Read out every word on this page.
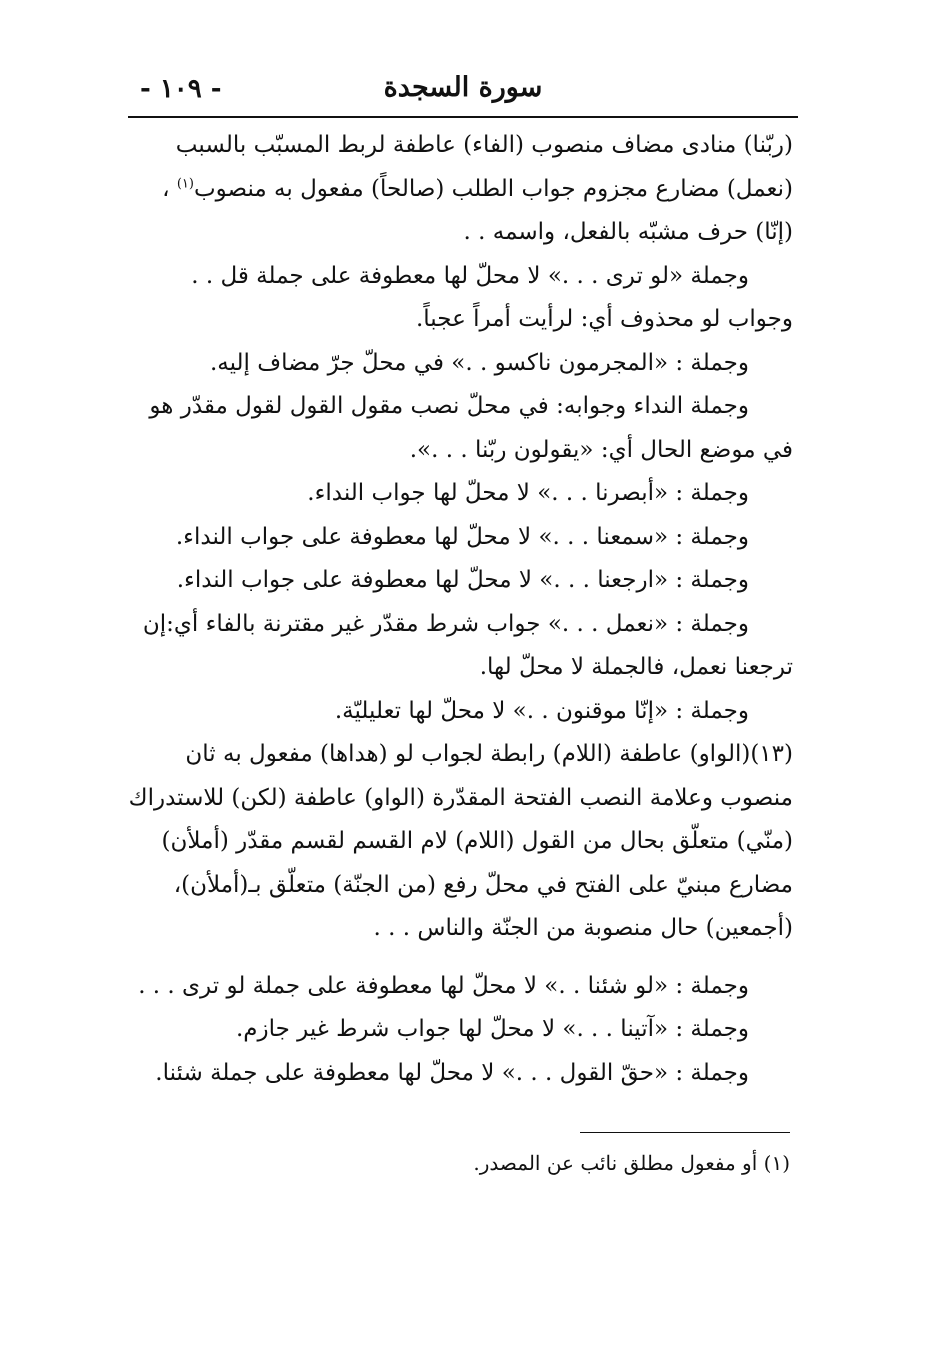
- ١٠٩ -	سورة السجدة
(ربّنا) منادى مضاف منصوب (الفاء) عاطفة لربط المسبّب بالسبب
(نعمل) مضارع مجزوم جواب الطلب (صالحاً) مفعول به منصوب$^{(١)}$ ،
(إنّا) حرف مشبّه بالفعل، واسمه . .
وجملة «لو ترى . . .» لا محلّ لها معطوفة على جملة قل . .
وجواب لو محذوف أي: لرأيت أمراً عجباً.
وجملة : «المجرمون ناكسو . .» في محلّ جرّ مضاف إليه.
وجملة النداء وجوابه: في محلّ نصب مقول القول لقول مقدّر هو
في موضع الحال أي: «يقولون ربّنا . . .».
وجملة : «أبصرنا . . .» لا محلّ لها جواب النداء.
وجملة : «سمعنا . . .» لا محلّ لها معطوفة على جواب النداء.
وجملة : «ارجعنا . . .» لا محلّ لها معطوفة على جواب النداء.
وجملة : «نعمل . . .» جواب شرط مقدّر غير مقترنة بالفاء أي:إن
ترجعنا نعمل، فالجملة لا محلّ لها.
وجملة : «إنّا موقنون . .» لا محلّ لها تعليليّة.
(١٣)(الواو) عاطفة (اللام) رابطة لجواب لو (هداها) مفعول به ثان
منصوب وعلامة النصب الفتحة المقدّرة (الواو) عاطفة (لكن) للاستدراك
(منّي) متعلّق بحال من القول (اللام) لام القسم لقسم مقدّر (أملأن)
مضارع مبنيّ على الفتح في محلّ رفع (من الجنّة) متعلّق بـ(أملأن)،
(أجمعين) حال منصوبة من الجنّة والناس . . .
وجملة : «لو شئنا . .» لا محلّ لها معطوفة على جملة لو ترى . . .
وجملة : «آتينا . . .» لا محلّ لها جواب شرط غير جازم.
وجملة : «حقّ القول . . .» لا محلّ لها معطوفة على جملة شئنا.
(١) أو مفعول مطلق نائب عن المصدر.
